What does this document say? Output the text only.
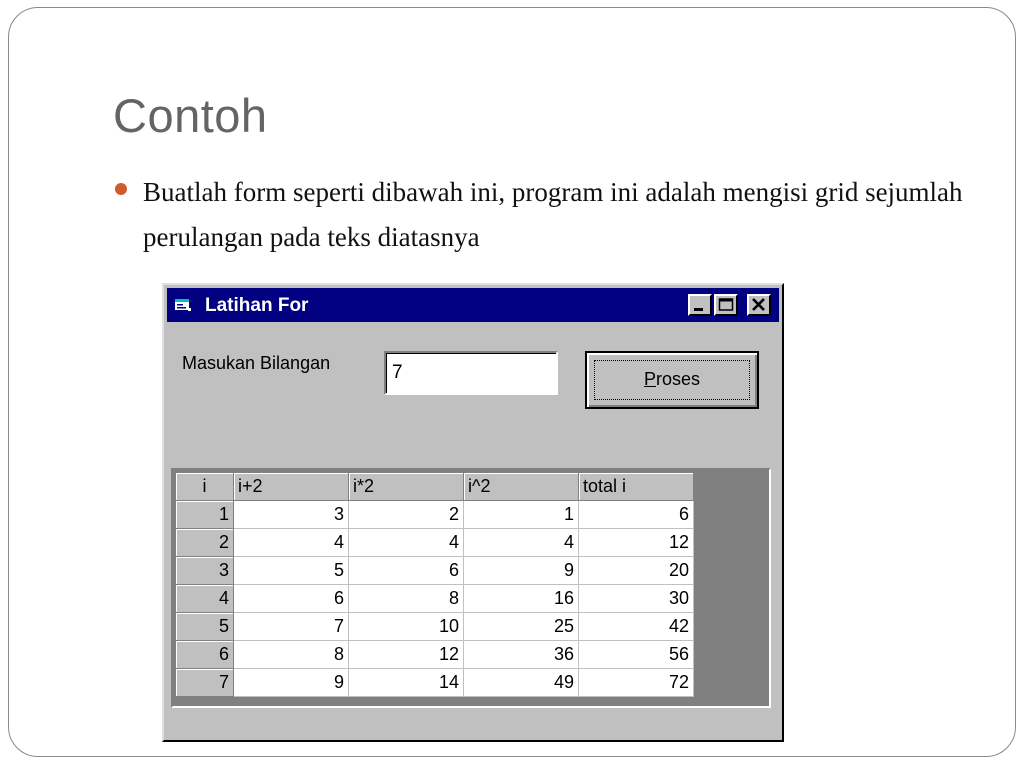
Contoh
Buatlah form seperti dibawah ini, program ini adalah mengisi grid sejumlah perulangan pada teks diatasnya
Latihan For
Masukan Bilangan
7
Proses
i	i+2	i*2	i^2	total i
1	3	2	1	6
2	4	4	4	12
3	5	6	9	20
4	6	8	16	30
5	7	10	25	42
6	8	12	36	56
7	9	14	49	72
